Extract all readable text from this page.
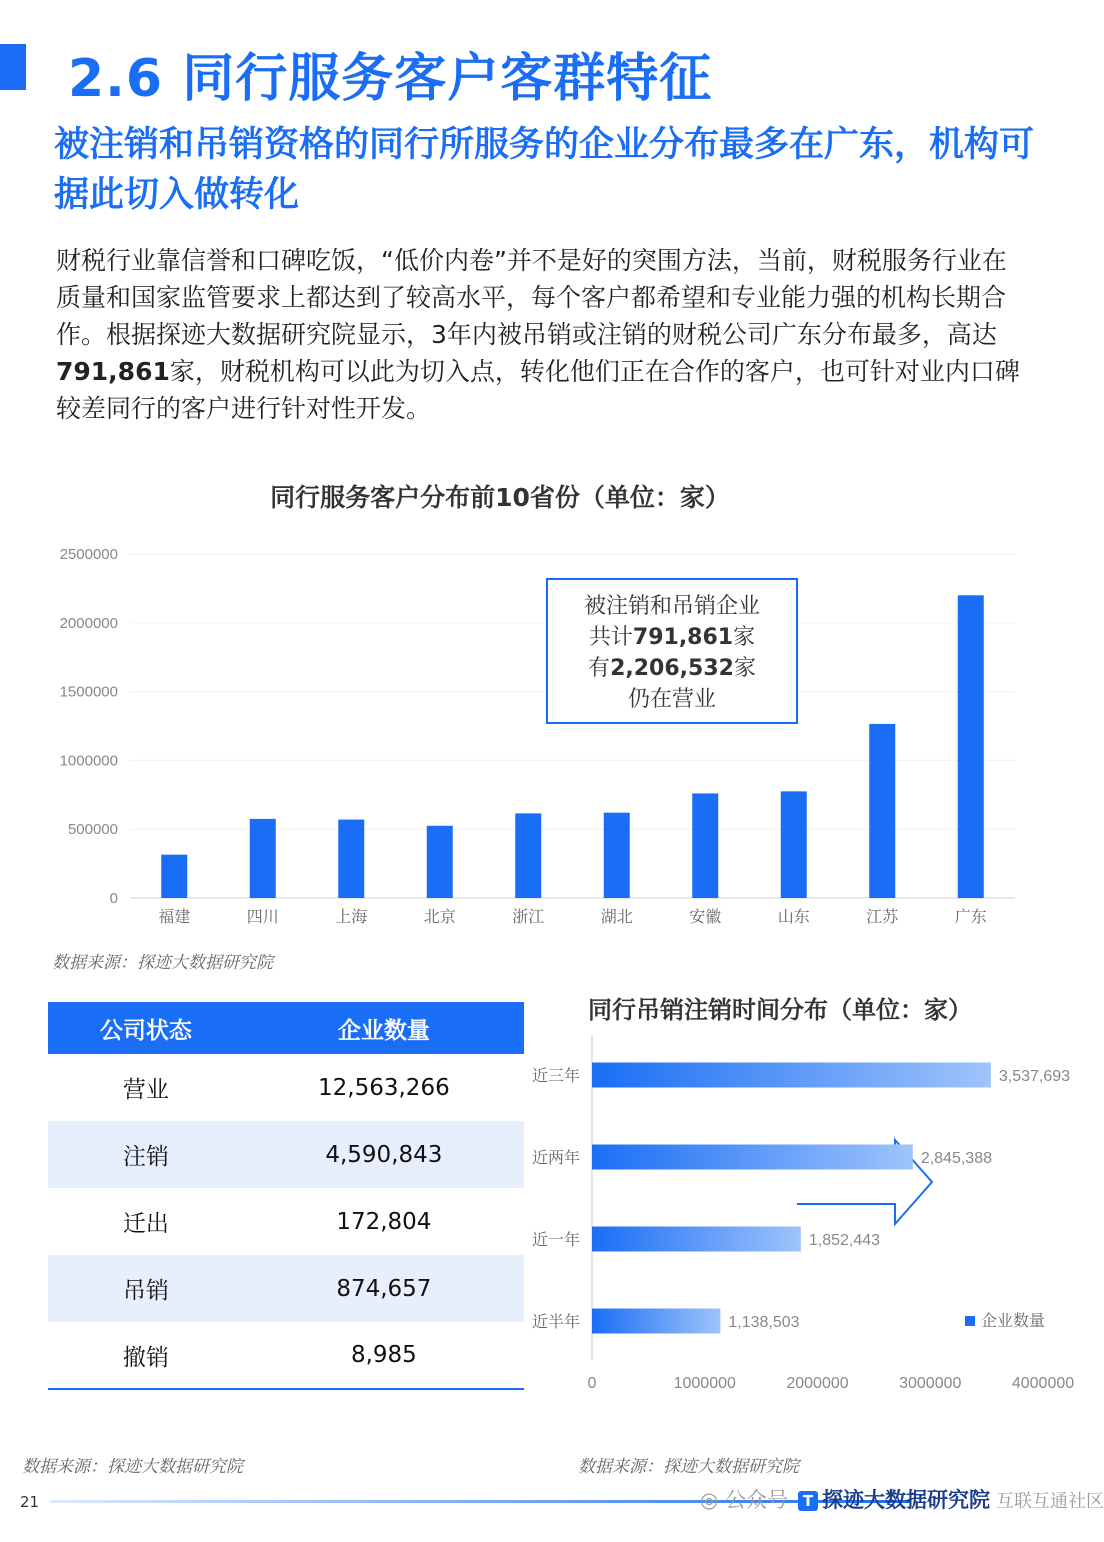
2.6 同行服务客户客群特征
被注销和吊销资格的同行所服务的企业分布最多在广东，机构可据此切入做转化

财税行业靠信誉和口碑吃饭，“低价内卷”并不是好的突围方法，当前，财税服务行业在质量和国家监管要求上都达到了较高水平，每个客户都希望和专业能力强的机构长期合作。根据探迹大数据研究院显示，3年内被吊销或注销的财税公司广东分布最多，高达791,861家，财税机构可以此为切入点，转化他们正在合作的客户，也可针对业内口碑较差同行的客户进行针对性开发。

同行服务客户分布前10省份（单位：家）
0
500000
1000000
1500000
2000000
2500000
福建	四川	上海	北京	浙江	湖北	安徽	山东	江苏	广东
被注销和吊销企业
共计791,861家
有2,206,532家
仍在营业
数据来源：探迹大数据研究院
公司状态	企业数量
营业	12,563,266
注销	4,590,843
迁出	172,804
吊销	874,657
撤销	8,985
同行吊销注销时间分布（单位：家）
近三年
近两年
近一年
近半年
3,537,693
2,845,388
1,852,443
1,138,503
0	1000000	2000000	3000000	4000000
企业数量
数据来源：探迹大数据研究院	数据来源：探迹大数据研究院
21	◎ 公众号 T 探迹大数据研究院 互联互通社区
